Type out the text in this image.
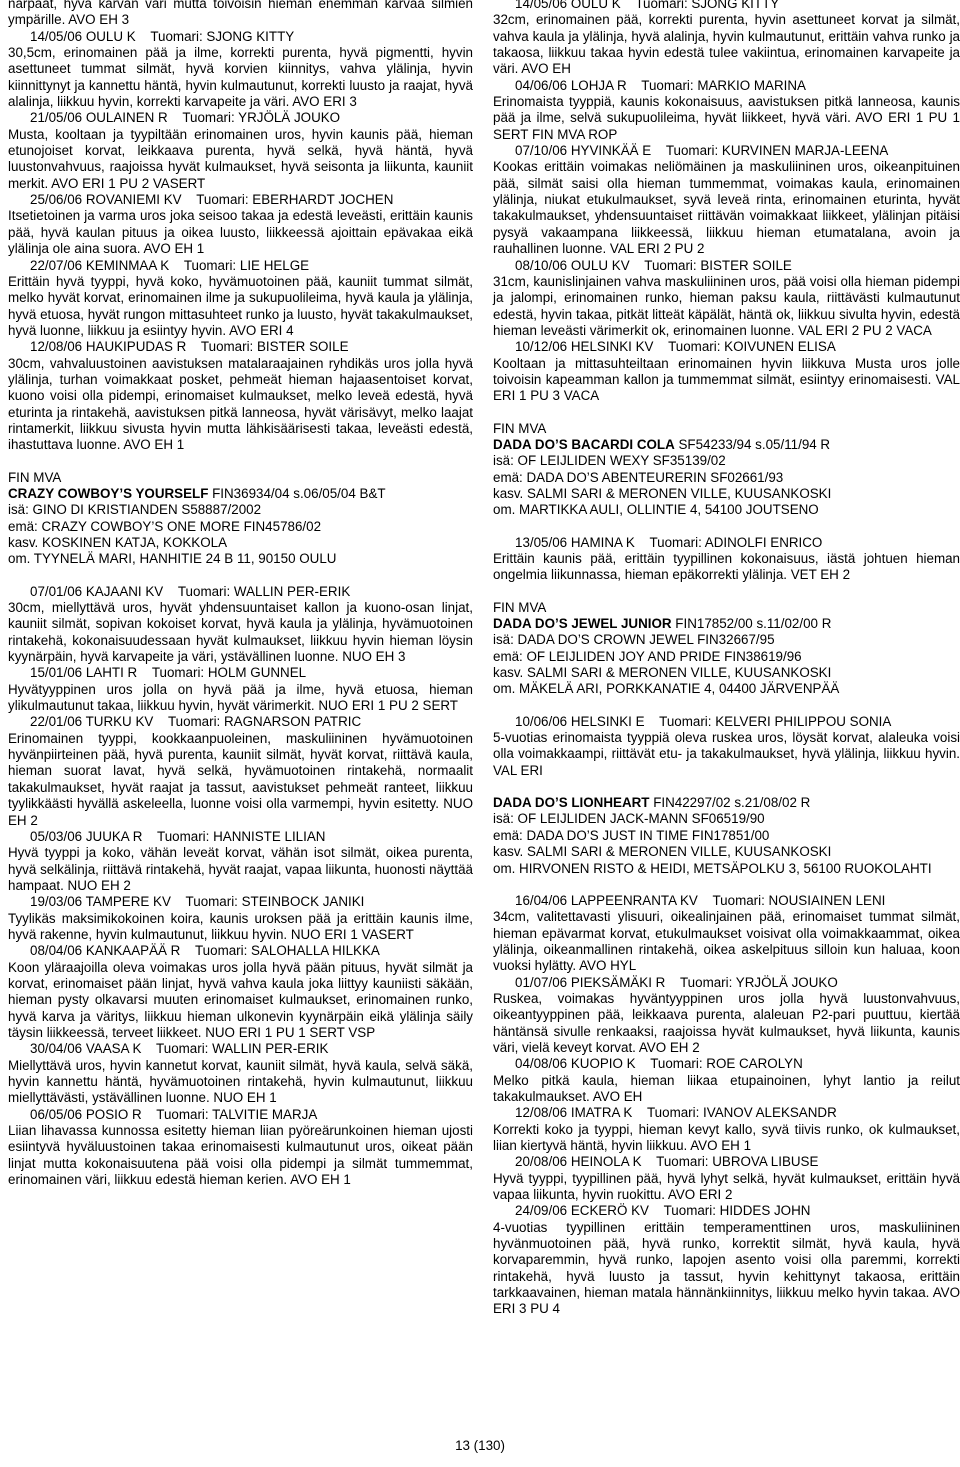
närpäät, hyvä karvan väri mutta toivoisin hieman enemmän karvaa silmien ympärille. AVO EH 3

14/05/06 OULU K    Tuomari: SJONG KITTY

30,5cm, erinomainen pää ja ilme, korrekti purenta, hyvä pigmentti, hyvin asettuneet tummat silmät, hyvä korvien kiinnitys, vahva ylälinja, hyvin kiinnittynyt ja kannettu häntä, hyvin kulmautunut, korrekti luusto ja raajat, hyvä alalinja, liikkuu hyvin, korrekti karvapeite ja väri. AVO ERI 3

21/05/06 OULAINEN R    Tuomari: YRJÖLÄ JOUKO

Musta, kooltaan ja tyypiltään erinomainen uros, hyvin kaunis pää, hieman etunojoiset korvat, leikkaava purenta, hyvä selkä, hyvä häntä, hyvä luustonvahvuus, raajoissa hyvät kulmaukset, hyvä seisonta ja liikunta, kauniit merkit. AVO ERI 1 PU 2 VASERT

25/06/06 ROVANIEMI KV    Tuomari: EBERHARDT JOCHEN

Itsetietoinen ja varma uros joka seisoo takaa ja edestä leveästi, erittäin kaunis pää, hyvä kaulan pituus ja oikea luusto, liikkeessä ajoittain epävakaa eikä ylälinja ole aina suora. AVO EH 1

22/07/06 KEMINMAA K    Tuomari: LIE HELGE

Erittäin hyvä tyyppi, hyvä koko, hyvämuotoinen pää, kauniit tummat silmät, melko hyvät korvat, erinomainen ilme ja sukupuolileima, hyvä kaula ja ylälinja, hyvä etuosa, hyvät rungon mittasuhteet runko ja luusto, hyvät takakulmaukset, hyvä luonne, liikkuu ja esiintyy hyvin. AVO ERI 4

12/08/06 HAUKIPUDAS R    Tuomari: BISTER SOILE

30cm, vahvaluustoinen aavistuksen matalaraajainen ryhdikäs uros jolla hyvä ylälinja, turhan voimakkaat posket, pehmeät hieman hajaasentoiset korvat, kuono voisi olla pidempi, erinomaiset kulmaukset, melko leveä edestä, hyvä eturinta ja rintakehä, aavistuksen pitkä lanneosa, hyvät värisävyt, melko laajat rintamerkit, liikkuu sivusta hyvin mutta lähkisäärisesti takaa, leveästi edestä, ihastuttava luonne. AVO EH 1

FIN MVA

CRAZY COWBOY’S YOURSELF FIN36934/04 s.06/05/04 B&T

isä: GINO DI KRISTIANDEN S58887/2002

emä: CRAZY COWBOY’S ONE MORE FIN45786/02

kasv. KOSKINEN KATJA, KOKKOLA

om. TYYNELÄ MARI, HANHITIE 24 B 11, 90150 OULU

07/01/06 KAJAANI KV    Tuomari: WALLIN PER-ERIK

30cm, miellyttävä uros, hyvät yhdensuuntaiset kallon ja kuono-osan linjat, kauniit silmät, sopivan kokoiset korvat, hyvä kaula ja ylälinja, hyvämuotoinen rintakehä, kokonaisuudessaan hyvät kulmaukset, liikkuu hyvin hieman löysin kyynärpäin, hyvä karvapeite ja väri, ystävällinen luonne. NUO EH 3

15/01/06 LAHTI R    Tuomari: HOLM GUNNEL

Hyvätyyppinen uros jolla on hyvä pää ja ilme, hyvä etuosa, hieman ylikulmautunut takaa, liikkuu hyvin, hyvät värimerkit. NUO ERI 1 PU 2 SERT

22/01/06 TURKU KV    Tuomari: RAGNARSON PATRIC

Erinomainen tyyppi, kookkaanpuoleinen, maskuliininen hyvämuotoinen hyvänpiirteinen pää, hyvä purenta, kauniit silmät, hyvät korvat, riittävä kaula, hieman suorat lavat, hyvä selkä, hyvämuotoinen rintakehä, normaalit takakulmaukset, hyvät raajat ja tassut, aavistukset pehmeät ranteet, liikkuu tyylikkäästi hyvällä askeleella, luonne voisi olla varmempi, hyvin esitetty. NUO EH 2

05/03/06 JUUKA R    Tuomari: HANNISTE LILIAN

Hyvä tyyppi ja koko, vähän leveät korvat, vähän isot silmät, oikea purenta, hyvä selkälinja, riittävä rintakehä, hyvät raajat, vapaa liikunta, huonosti näyttää hampaat. NUO EH 2

19/03/06 TAMPERE KV    Tuomari: STEINBOCK JANIKI

Tyylikäs maksimikokoinen koira, kaunis uroksen pää ja erittäin kaunis ilme, hyvä rakenne, hyvin kulmautunut, liikkuu hyvin. NUO ERI 1 VASERT

08/04/06 KANKAAPÄÄ R    Tuomari: SALOHALLA HILKKA

Koon yläraajoilla oleva voimakas uros jolla hyvä pään pituus, hyvät silmät ja korvat, erinomaiset pään linjat, hyvä vahva kaula joka liittyy kauniisti säkään, hieman pysty olkavarsi muuten erinomaiset kulmaukset, erinomainen runko, hyvä karva ja väritys, liikkuu hieman ulkonevin kyynärpäin eikä ylälinja säily täysin liikkeessä, terveet liikkeet. NUO ERI 1 PU 1 SERT VSP

30/04/06 VAASA K    Tuomari: WALLIN PER-ERIK

Miellyttävä uros, hyvin kannetut korvat, kauniit silmät, hyvä kaula, selvä säkä, hyvin kannettu häntä, hyvämuotoinen rintakehä, hyvin kulmautunut, liikkuu miellyttävästi, ystävällinen luonne. NUO EH 1

06/05/06 POSIO R    Tuomari: TALVITIE MARJA

Liian lihavassa kunnossa esitetty hieman liian pyöreärunkoinen hieman ujosti esiintyvä hyväluustoinen takaa erinomaisesti kulmautunut uros, oikeat pään linjat mutta kokonaisuutena pää voisi olla pidempi ja silmät tummemmat, erinomainen väri, liikkuu edestä hieman kerien. AVO EH 1

14/05/06 OULU K    Tuomari: SJONG KITTY

32cm, erinomainen pää, korrekti purenta, hyvin asettuneet korvat ja silmät, vahva kaula ja ylälinja, hyvä alalinja, hyvin kulmautunut, erittäin vahva runko ja takaosa, liikkuu takaa hyvin edestä tulee vakiintua, erinomainen karvapeite ja väri. AVO EH

04/06/06 LOHJA R    Tuomari: MARKIO MARINA

Erinomaista tyyppiä, kaunis kokonaisuus, aavistuksen pitkä lanneosa, kaunis pää ja ilme, selvä sukupuolileima, hyvät liikkeet, hyvä väri. AVO ERI 1 PU 1 SERT FIN MVA ROP

07/10/06 HYVINKÄÄ E    Tuomari: KURVINEN MARJA-LEENA

Kookas erittäin voimakas neliömäinen ja maskuliininen uros, oikeanpituinen pää, silmät saisi olla hieman tummemmat, voimakas kaula, erinomainen ylälinja, niukat etukulmaukset, syvä leveä rinta, erinomainen eturinta, hyvät takakulmaukset, yhdensuuntaiset riittävän voimakkaat liikkeet, ylälinjan pitäisi pysyä vakaampana liikkeessä, liikkuu hieman etumatalana, avoin ja rauhallinen luonne. VAL ERI 2 PU 2

08/10/06 OULU KV    Tuomari: BISTER SOILE

31cm, kaunislinjainen vahva maskuliininen uros, pää voisi olla hieman pidempi ja jalompi, erinomainen runko, hieman paksu kaula, riittävästi kulmautunut edestä, hyvin takaa, pitkät litteät käpälät, häntä ok, liikkuu sivulta hyvin, edestä hieman leveästi värimerkit ok, erinomainen luonne. VAL ERI 2 PU 2 VACA

10/12/06 HELSINKI KV    Tuomari: KOIVUNEN ELISA

Kooltaan ja mittasuhteiltaan erinomainen hyvin liikkuva Musta uros jolle toivoisin kapeamman kallon ja tummemmat silmät, esiintyy erinomaisesti. VAL ERI 1 PU 3 VACA

FIN MVA

DADA DO’S BACARDI COLA SF54233/94 s.05/11/94 R

isä: OF LEIJLIDEN WEXY SF35139/02

emä: DADA DO’S ABENTEURERIN SF02661/93

kasv. SALMI SARI & MERONEN VILLE, KUUSANKOSKI

om. MARTIKKA AULI, OLLINTIE 4, 54100 JOUTSENO

13/05/06 HAMINA K    Tuomari: ADINOLFI ENRICO

Erittäin kaunis pää, erittäin tyypillinen kokonaisuus, iästä johtuen hieman ongelmia liikunnassa, hieman epäkorrekti ylälinja. VET EH 2

FIN MVA

DADA DO’S JEWEL JUNIOR FIN17852/00 s.11/02/00 R

isä: DADA DO’S CROWN JEWEL FIN32667/95

emä: OF LEIJLIDEN JOY AND PRIDE FIN38619/96

kasv. SALMI SARI & MERONEN VILLE, KUUSANKOSKI

om. MÄKELÄ ARI, PORKKANATIE 4, 04400 JÄRVENPÄÄ

10/06/06 HELSINKI E    Tuomari: KELVERI PHILIPPOU SONIA

5-vuotias erinomaista tyyppiä oleva ruskea uros, löysät korvat, alaleuka voisi olla voimakkaampi, riittävät etu- ja takakulmaukset, hyvä ylälinja, liikkuu hyvin. VAL ERI

DADA DO’S LIONHEART FIN42297/02 s.21/08/02 R

isä: OF LEIJLIDEN JACK-MANN SF06519/90

emä: DADA DO’S JUST IN TIME FIN17851/00

kasv. SALMI SARI & MERONEN VILLE, KUUSANKOSKI

om. HIRVONEN RISTO & HEIDI, METSÄPOLKU 3, 56100 RUOKOLAHTI

16/04/06 LAPPEENRANTA KV    Tuomari: NOUSIAINEN LENI

34cm, valitettavasti ylisuuri, oikealinjainen pää, erinomaiset tummat silmät, hieman epävarmat korvat, etukulmaukset voisivat olla voimakkaammat, oikea ylälinja, oikeanmallinen rintakehä, oikea askelpituus silloin kun haluaa, koon vuoksi hylätty. AVO HYL

01/07/06 PIEKSÄMÄKI R    Tuomari: YRJÖLÄ JOUKO

Ruskea, voimakas hyväntyyppinen uros jolla hyvä luustonvahvuus, oikeantyyppinen pää, leikkaava purenta, alaleuan P2-pari puuttuu, kiertää häntänsä sivulle renkaaksi, raajoissa hyvät kulmaukset, hyvä liikunta, kaunis väri, vielä keveyt korvat. AVO EH 2

04/08/06 KUOPIO K    Tuomari: ROE CAROLYN

Melko pitkä kaula, hieman liikaa etupainoinen, lyhyt lantio ja reilut takakulmaukset. AVO EH

12/08/06 IMATRA K    Tuomari: IVANOV ALEKSANDR

Korrekti koko ja tyyppi, hieman kevyt kallo, syvä tiivis runko, ok kulmaukset, liian kiertyvä häntä, hyvin liikkuu. AVO EH 1

20/08/06 HEINOLA K    Tuomari: UBROVA LIBUSE

Hyvä tyyppi, tyypillinen pää, hyvä lyhyt selkä, hyvät kulmaukset, erittäin hyvä vapaa liikunta, hyvin ruokittu. AVO ERI 2

24/09/06 ECKERÖ KV    Tuomari: HIDDES JOHN

4-vuotias tyypillinen erittäin temperamenttinen uros, maskuliininen hyvänmuotoinen pää, hyvä runko, korrektit silmät, hyvä kaula, hyvä korvaparemmin, hyvä runko, lapojen asento voisi olla paremmi, korrekti rintakehä, hyvä luusto ja tassut, hyvin kehittynyt takaosa, erittäin tarkkaavainen, hieman matala hännänkiinnitys, liikkuu melko hyvin takaa. AVO ERI 3 PU 4

13 (130)
